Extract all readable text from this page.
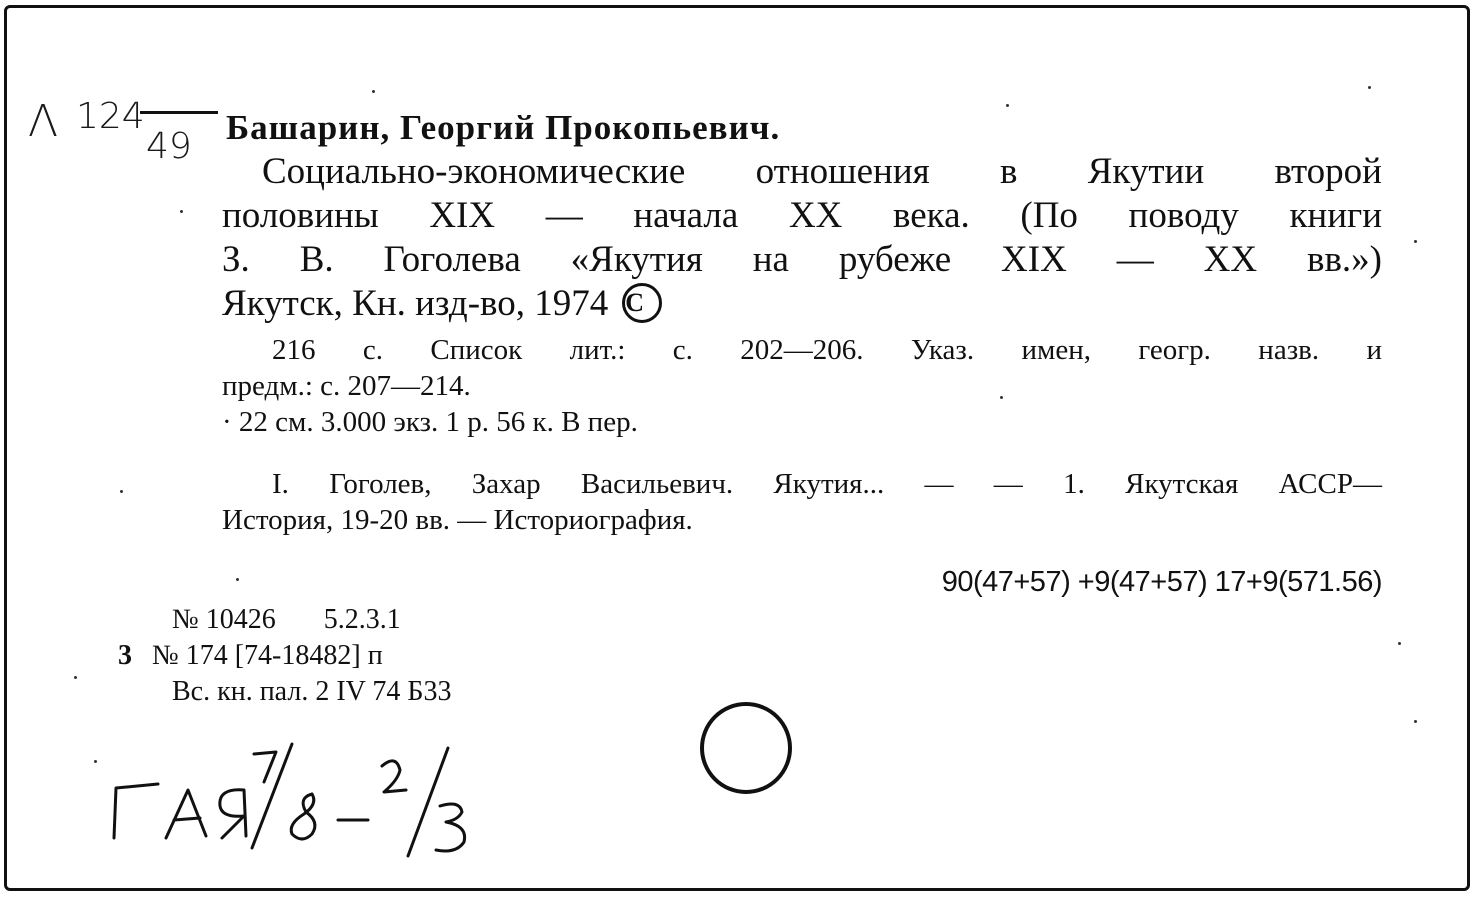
Λ 124
49 Башарин, Георгий Прокопьевич.
Социально-экономические отношения в Якутии второй
половины XIX — начала XX века. (По поводу книги
З. В. Гоголева «Якутия на рубеже XIX — XX вв.»)
Якутск, Кн. изд-во, 1974 C
216 с. Список лит.: с. 202—206. Указ. имен, геогр. назв. и
предм.: с. 207—214.
· 22 см. 3.000 экз. 1 р. 56 к. В пер.
I. Гоголев, Захар Васильевич. Якутия... — — 1. Якутская АССР—
История, 19-20 вв. — Историография.
90(47+57) +9(47+57) 17+9(571.56)
№ 10426 5.2.3.1
3 № 174 [74-18482] п
Вс. кн. пал. 2 IV 74 Б33
